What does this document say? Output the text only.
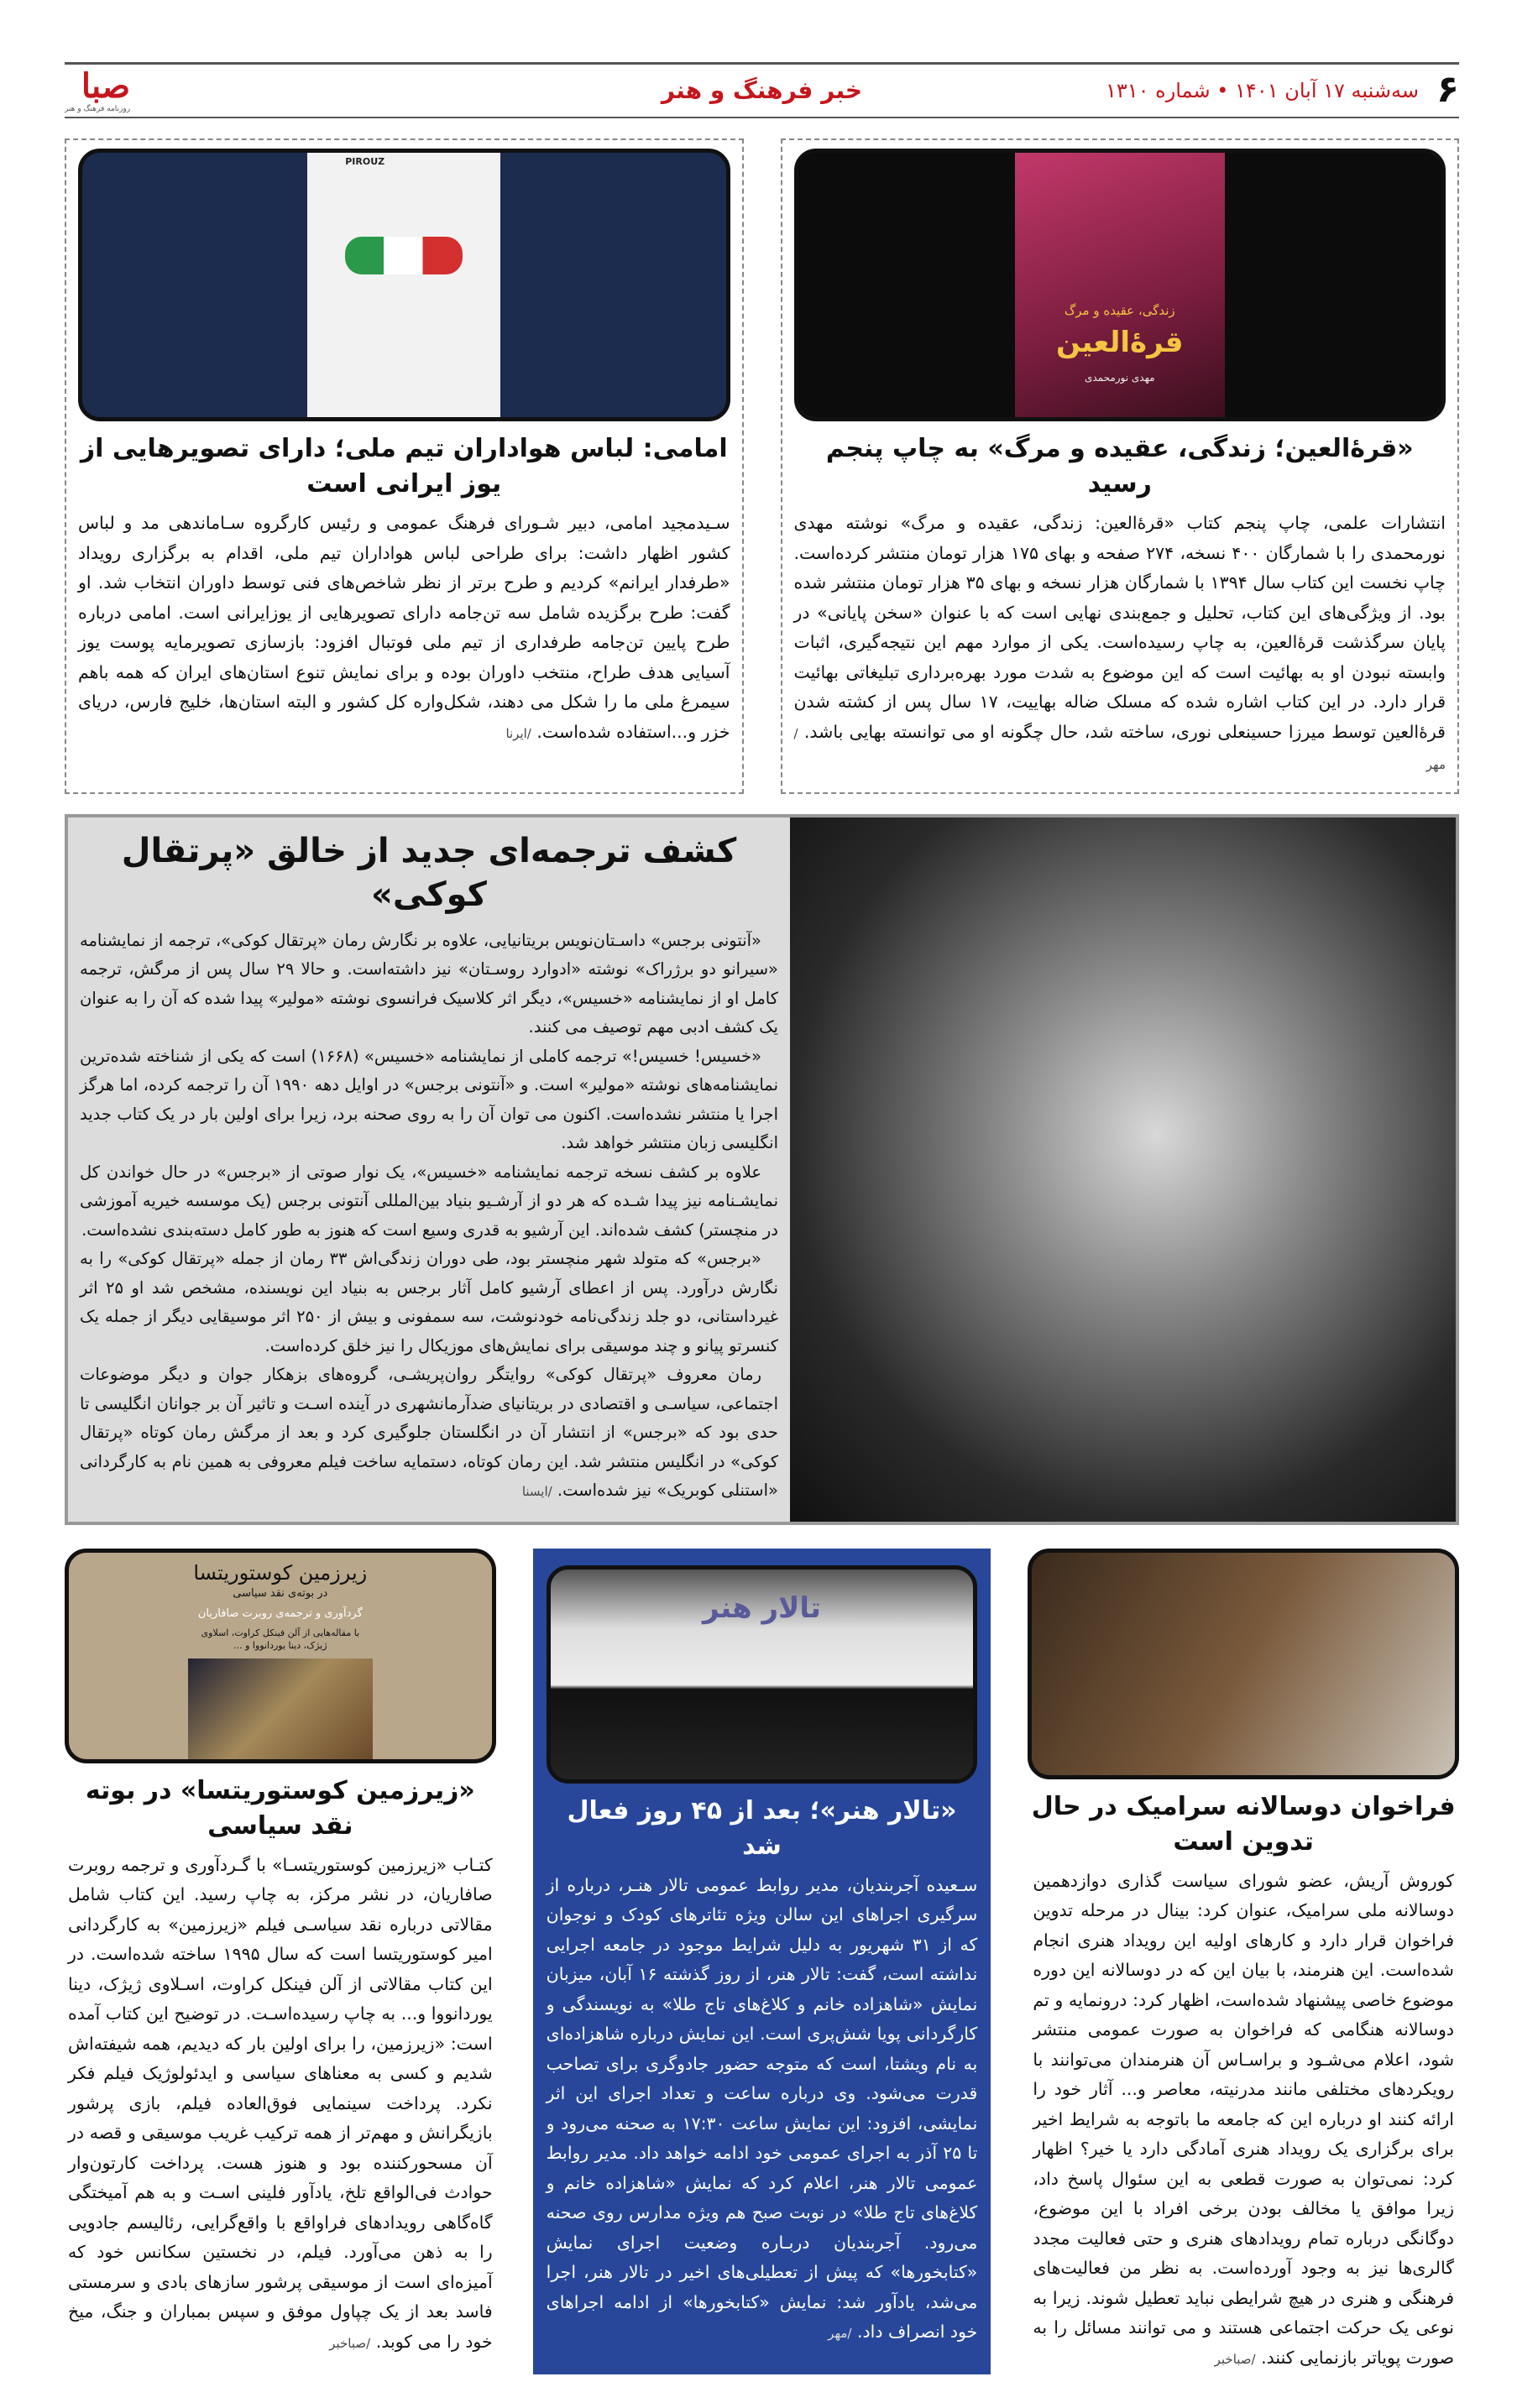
۶
سه‌شنبه ۱۷ آبان ۱۴۰۱ • شماره ۱۳۱۰
خبر فرهنگ و هنر
صبا
روزنامه فرهنگ و هنر
زندگی، عقیده و مرگ
قرۀالعین
مهدی نورمحمدی
«قرۀالعین؛ زندگی، عقیده و مرگ» به چاپ پنجم رسید
انتشارات علمی، چاپ پنجم کتاب «قرۀالعین: زندگی، عقیده و مرگ» نوشته مهدی نورمحمدی را با شمارگان ۴۰۰ نسخه، ۲۷۴ صفحه و بهای ۱۷۵ هزار تومان منتشر کرده‌است. چاپ نخست این کتاب سال ۱۳۹۴ با شمارگان هزار نسخه و بهای ۳۵ هزار تومان منتشر شده بود. از ویژگی‌های این کتاب، تحلیل و جمع‌بندی نهایی است که با عنوان «سخن پایانی» در پایان سرگذشت قرۀالعین، به چاپ رسیده‌است. یکی از موارد مهم این نتیجه‌گیری، اثبات وابسته نبودن او به بهائیت است که این موضوع به شدت مورد بهره‌برداری تبلیغاتی بهائیت قرار دارد. در این کتاب اشاره شده که مسلک ضاله بهاییت، ۱۷ سال پس از کشته شدن قرۀالعین توسط میرزا حسینعلی نوری، ساخته شد، حال چگونه او می توانسته بهایی باشد. /مهر
PIROUZ
امامی: لباس هواداران تیم ملی؛ دارای تصویرهایی از یوز ایرانی است
سـیدمجید امامی، دبیر شـورای فرهنگ عمومی و رئیس کارگروه سـاماندهی مد و لباس کشور اظهار داشت: برای طراحی لباس هواداران تیم ملی، اقدام به برگزاری رویداد «طرفدار ایرانم» کردیم و طرح برتر از نظر شاخص‌های فنی توسط داوران انتخاب شد. او گفت: طرح برگزیده شامل سه تن‌جامه دارای تصویرهایی از یوزایرانی است. امامی درباره طرح پایین تن‌جامه طرفداری از تیم ملی فوتبال افزود: بازسازی تصویرمایه پوست یوز آسیایی هدف طراح، منتخب داوران بوده و برای نمایش تنوع استان‌های ایران که همه باهم سیمرغ ملی ما را شکل می دهند، شکل‌واره کل کشور و البته استان‌ها، خلیج فارس، دریای خزر و...استفاده شده‌است. /ایرنا
کشف ترجمه‌ای جدید از خالق «پرتقال کوکی»

«آنتونی برجس» داسـتان‌نویس بریتانیایی، علاوه بر نگارش رمان «پرتقال کوکی»، ترجمه از نمایشنامه «سیرانو دو برژراک» نوشته «ادوارد روسـتان» نیز داشته‌است. و حالا ۲۹ سال پس از مرگش، ترجمه کامل او از نمایشنامه «خسیس»، دیگر اثر کلاسیک فرانسوی نوشته «مولیر» پیدا شده که آن را به عنوان یک کشف ادبی مهم توصیف می کنند.

«خسیس! خسیس!» ترجمه کاملی از نمایشنامه «خسیس» (۱۶۶۸) است که یکی از شناخته شده‌ترین نمایشنامه‌های نوشته «مولیر» است. و «آنتونی برجس» در اوایل دهه ۱۹۹۰ آن را ترجمه کرده، اما هرگز اجرا یا منتشر نشده‌است. اکنون می توان آن را به روی صحنه برد، زیرا برای اولین بار در یک کتاب جدید انگلیسی زبان منتشر خواهد شد.

علاوه بر کشف نسخه ترجمه نمایشنامه «خسیس»، یک نوار صوتی از «برجس» در حال خواندن کل نمایشـنامه نیز پیدا شـده که هر دو از آرشـیو بنیاد بین‌المللی آنتونی برجس (یک موسسه خیریه آموزشی در منچستر) کشف شده‌اند. این آرشیو به قدری وسیع است که هنوز به طور کامل دسته‌بندی نشده‌است.

«برجس» که متولد شهر منچستر بود، طی دوران زندگی‌اش ۳۳ رمان از جمله «پرتقال کوکی» را به نگارش درآورد. پس از اعطای آرشیو کامل آثار برجس به بنیاد این نویسنده، مشخص شد او ۲۵ اثر غیرداستانی، دو جلد زندگی‌نامه خودنوشت، سه سمفونی و بیش از ۲۵۰ اثر موسیقایی دیگر از جمله یک کنسرتو پیانو و چند موسیقی برای نمایش‌های موزیکال را نیز خلق کرده‌است.

رمان معروف «پرتقال کوکی» روایتگر روان‌پریشـی، گروه‌های بزهکار جوان و دیگر موضوعات اجتماعی، سیاسـی و اقتصادی در بریتانیای ضدآرمانشهری در آینده اسـت و تاثیر آن بر جوانان انگلیسی تا حدی بود که «برجس» از انتشار آن در انگلستان جلوگیری کرد و بعد از مرگش رمان کوتاه «پرتقال کوکی» در انگلیس منتشر شد. این رمان کوتاه، دستمایه ساخت فیلم معروفی به همین نام به کارگردانی «استنلی کوبریک» نیز شده‌است. /ایسنا

فراخوان دوسالانه سرامیک در حال تدوین است
کوروش آریش، عضو شورای سیاست گذاری دوازدهمین دوسالانه ملی سرامیک، عنوان کرد: بینال در مرحله تدوین فراخوان قرار دارد و کارهای اولیه این رویداد هنری انجام شده‌است. این هنرمند، با بیان این که در دوسالانه این دوره موضوع خاصی پیشنهاد شده‌است، اظهار کرد: درونمایه و تم دوسالانه هنگامی که فراخوان به صورت عمومی منتشر شود، اعلام می‌شـود و براسـاس آن هنرمندان می‌توانند با رویکردهای مختلفی مانند مدرنیته، معاصر و... آثار خود را ارائه کنند او درباره این که جامعه ما باتوجه به شرایط اخیر برای برگزاری یک رویداد هنری آمادگی دارد یا خیر؟ اظهار کرد: نمی‌توان به صورت قطعی به این سئوال پاسخ داد، زیرا موافق یا مخالف بودن برخی افراد با این موضوع، دوگانگی درباره تمام رویدادهای هنری و حتی فعالیت مجدد گالری‌ها نیز به وجود آورده‌است. به نظر من فعالیت‌های فرهنگی و هنری در هیچ شرایطی نباید تعطیل شوند. زیرا به نوعی یک حرکت اجتماعی هستند و می توانند مسائل را به صورت پویاتر بازنمایی کنند. /صباخبر
تالار هنر
«تالار هنر»؛ بعد از ۴۵ روز فعال شد
سـعیده آجربندیان، مدیر روابط عمومی تالار هنـر، درباره از سرگیری اجراهای این سالن ویژه تئاترهای کودک و نوجوان که از ۳۱ شهریور به دلیل شرایط موجود در جامعه اجرایی نداشته است، گفت: تالار هنر، از روز گذشته ۱۶ آبان، میزبان نمایش «شاهزاده خانم و کلاغ‌های تاج طلا» به نویسندگی و کارگردانی پویا شش‌پری است. این نمایش درباره شاهزاده‌ای به نام ویشتا، است که متوجه حضور جادوگری برای تصاحب قدرت می‌شود. وی درباره ساعت و تعداد اجرای این اثر نمایشی، افزود: این نمایش ساعت ۱۷:۳۰ به صحنه می‌رود و تا ۲۵ آذر به اجرای عمومی خود ادامه خواهد داد. مدیر روابط عمومی تالار هنر، اعلام کرد که نمایش «شاهزاده خانم و کلاغ‌های تاج طلا» در نوبت صبح هم ویژه مدارس روی صحنه می‌رود. آجربندیان دربـاره وضعیت اجرای نمایش «کتابخورها» که پیش از تعطیلی‌های اخیر در تالار هنر، اجرا می‌شد، یادآور شد: نمایش «کتابخورها» از ادامه اجراهای خود انصراف داد. /مهر
زیرزمین کوستوریتسا
در بوته‌ی نقد سیاسی
گردآوری و ترجمه‌ی روبرت صافاریان
با مقاله‌هایی از آلن فینکل کراوت، اسلاوی ژیژک، دینا یوردانووا و ...
«زیرزمین کوستوریتسا» در بوته نقد سیاسی
کتـاب «زیرزمین کوستوریتسـا» با گـردآوری و ترجمه روبرت صافاریان، در نشر مرکز، به چاپ رسید. این کتاب شامل مقالاتی درباره نقد سیاسـی فیلم «زیرزمین» به کارگردانی امیر کوستوریتسا است که سال ۱۹۹۵ ساخته شده‌است. در این کتاب مقالاتی از آلن فینکل کراوت، اسـلاوی ژیژک، دینا یوردانووا و... به چاپ رسیده‌اسـت. در توضیح این کتاب آمده است: «زیرزمین، را برای اولین بار که دیدیم، همه شیفته‌اش شدیم و کسی به معناهای سیاسی و ایدئولوژیک فیلم فکر نکرد. پرداخت سینمایی فوق‌العاده فیلم، بازی پرشور بازیگرانش و مهم‌تر از همه ترکیب غریب موسیقی و قصه در آن مسحورکننده بود و هنوز هست. پرداخت کارتون‌وار حوادث فی‌الواقع تلخ، یادآور فلینی اسـت و به هم آمیختگی گاه‌گاهی رویدادهای فراواقع با واقع‌گرایی، رئالیسم جادویی را به ذهن می‌آورد. فیلم، در نخستین سکانس خود که آمیزه‌ای است از موسیقی پرشور سازهای بادی و سرمستی فاسد بعد از یک چپاول موفق و سپس بمباران و جنگ، میخ خود را می کوبد. /صباخبر
